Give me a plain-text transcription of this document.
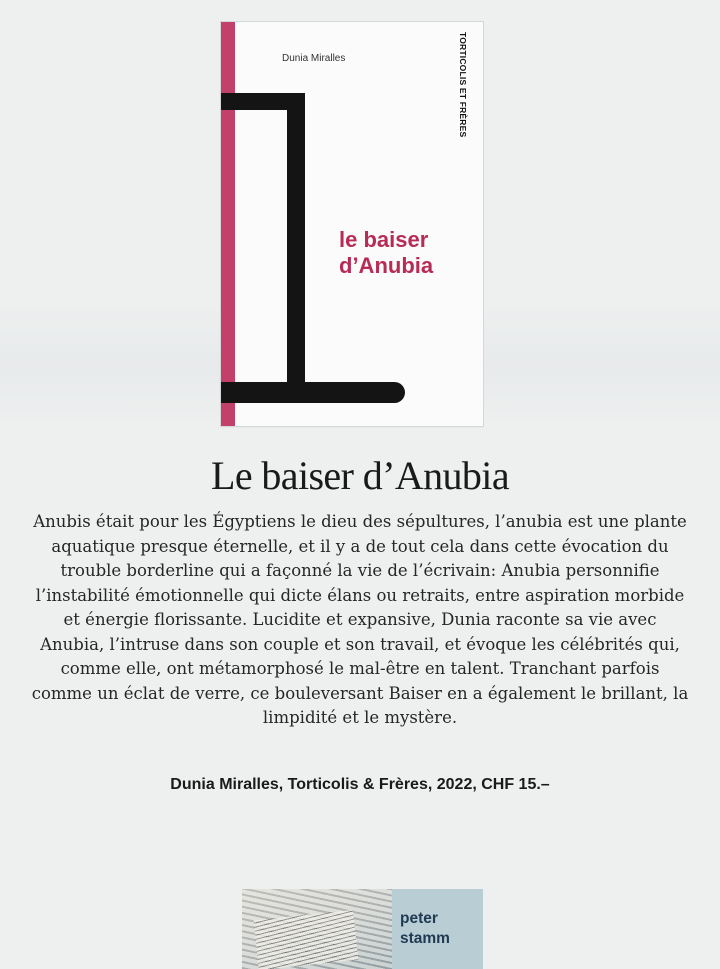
Dunia Miralles	TORTICOLIS ET FRÈRES
le baiser
d’Anubia
Le baiser d’Anubia

Anubis était pour les Égyptiens le dieu des sépultures, l’anubia est une plante aquatique presque éternelle, et il y a de tout cela dans cette évocation du trouble borderline qui a façonné la vie de l’écrivain: Anubia personnifie l’instabilité émotionnelle qui dicte élans ou retraits, entre aspiration morbide et énergie florissante. Lucidite et expansive, Dunia raconte sa vie avec Anubia, l’intruse dans son couple et son travail, et évoque les célébrités qui, comme elle, ont métamorphosé le mal-être en talent. Tranchant parfois comme un éclat de verre, ce bouleversant Baiser en a également le brillant, la limpidité et le mystère.

Dunia Miralles, Torticolis & Frères, 2022, CHF 15.–

peter
stamm
